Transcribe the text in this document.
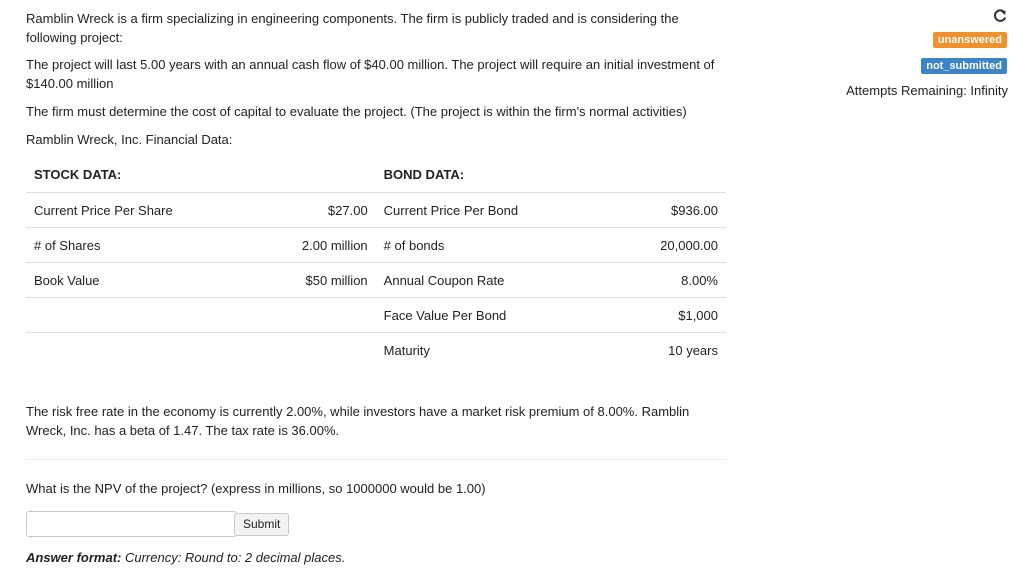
Ramblin Wreck is a firm specializing in engineering components. The firm is publicly traded and is considering the
following project:

The project will last 5.00 years with an annual cash flow of $40.00 million. The project will require an initial investment of
$140.00 million

The firm must determine the cost of capital to evaluate the project. (The project is within the firm's normal activities)

Ramblin Wreck, Inc. Financial Data:

STOCK DATA:		BOND DATA:	
Current Price Per Share	$27.00	Current Price Per Bond	$936.00
# of Shares	2.00 million	# of bonds	20,000.00
Book Value	$50 million	Annual Coupon Rate	8.00%
		Face Value Per Bond	$1,000
		Maturity	10 years

The risk free rate in the economy is currently 2.00%, while investors have a market risk premium of 8.00%. Ramblin
Wreck, Inc. has a beta of 1.47. The tax rate is 36.00%.

What is the NPV of the project? (express in millions, so 1000000 would be 1.00)

Submit

Answer format: Currency: Round to: 2 decimal places.

unanswered
not_submitted
Attempts Remaining: Infinity
